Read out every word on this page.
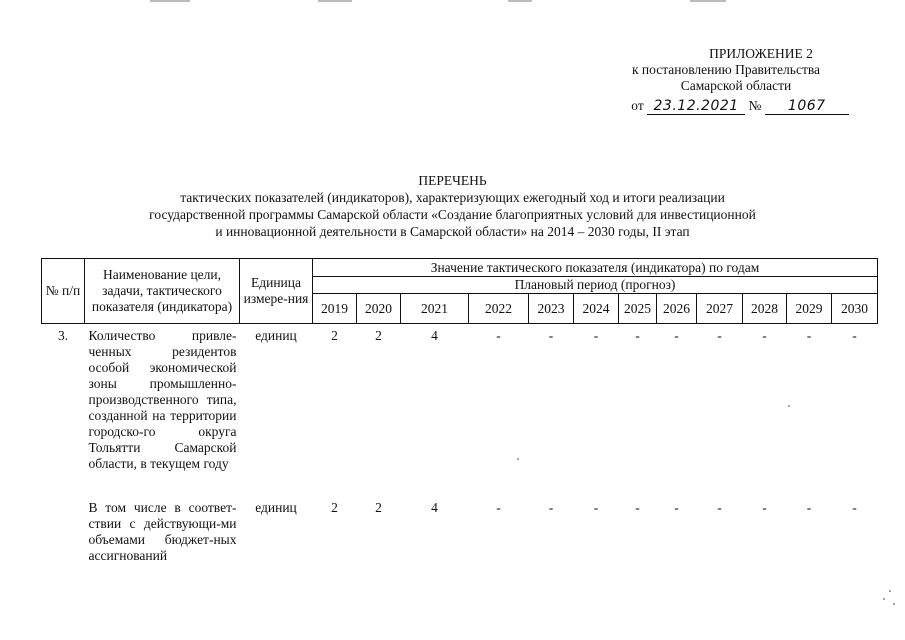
ПРИЛОЖЕНИЕ 2
к постановлению Правительства
Самарской области
от 23.12.2021 № 1067
ПЕРЕЧЕНЬ
тактических показателей (индикаторов), характеризующих ежегодный ход и итоги реализации
государственной программы Самарской области «Создание благоприятных условий для инвестиционной
и инновационной деятельности в Самарской области» на 2014 – 2030 годы, II этап
№ п/п	Наименование цели, задачи, тактического показателя (индикатора)	Единица измере-ния	Значение тактического показателя (индикатора) по годам											
			Плановый период (прогноз)											
			2019	2020	2021	2022	2023	2024	2025	2026	2027	2028	2029	2030
3.	Количество привле-ченных резидентов особой экономической зоны промышленно-производственного типа, созданной на территории городско-го округа Тольятти Самарской области, в текущем году	единиц	2	2	4	-	-	-	-	-	-	-	-	-
	В том числе в соответ-ствии с действующи-ми объемами бюджет-ных ассигнований	единиц	2	2	4	-	-	-	-	-	-	-	-	-
